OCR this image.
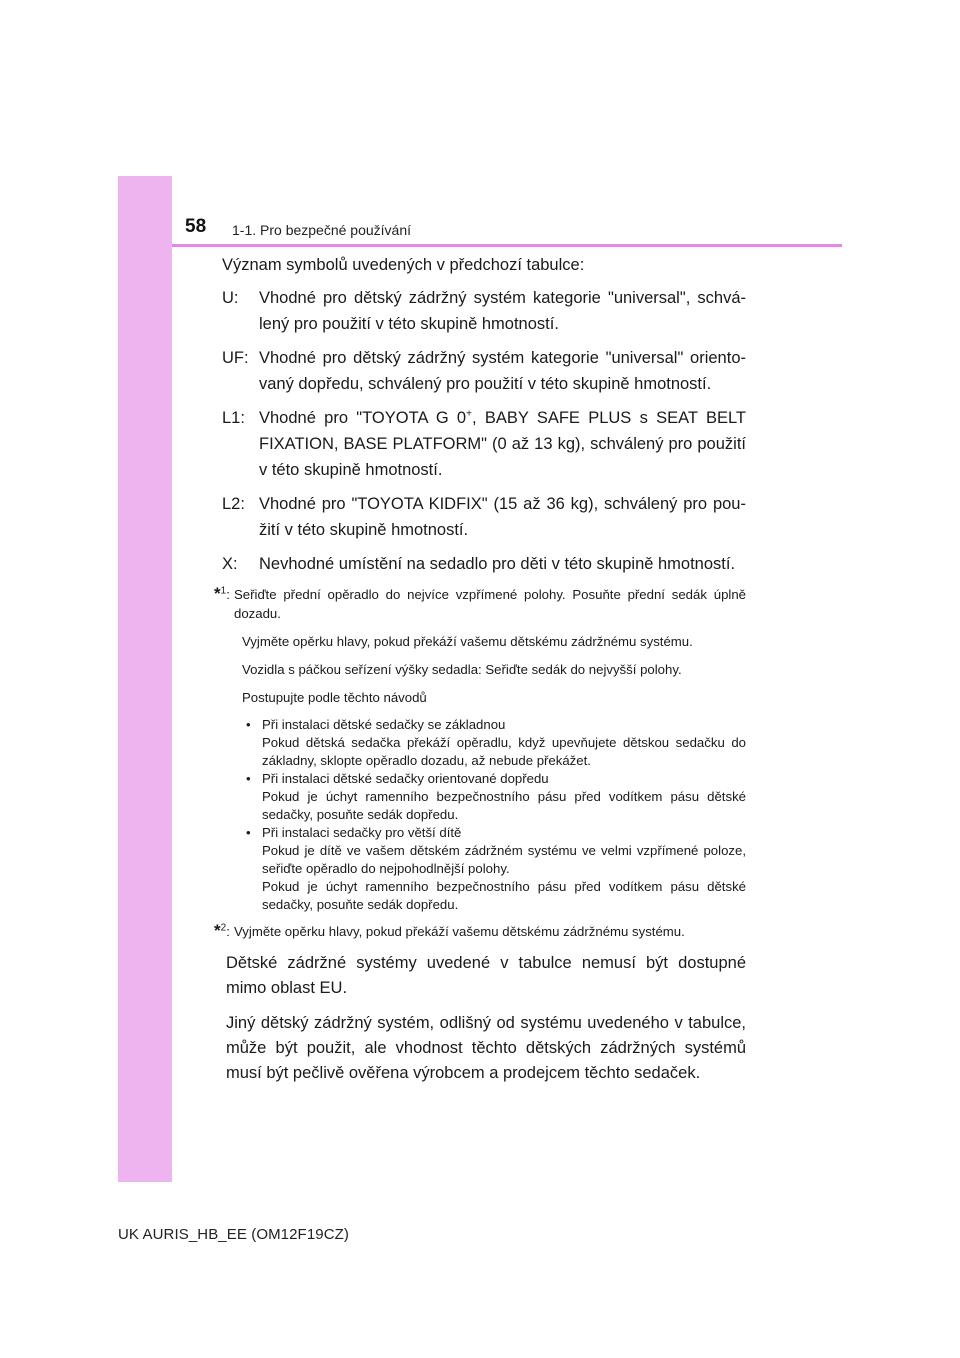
58 1-1. Pro bezpečné používání

Význam symbolů uvedených v předchozí tabulce:

U:	Vhodné pro dětský zádržný systém kategorie "universal", schválený pro použití v této skupině hmotností.
UF: Vhodné pro dětský zádržný systém kategorie "universal" orientovaný dopředu, schválený pro použití v této skupině hmotností.
L1: Vhodné pro "TOYOTA G 0+, BABY SAFE PLUS s SEAT BELT FIXATION, BASE PLATFORM" (0 až 13 kg), schválený pro použití v této skupině hmotností.
L2: Vhodné pro "TOYOTA KIDFIX" (15 až 36 kg), schválený pro použití v této skupině hmotností.
X:	Nevhodné umístění na sedadlo pro děti v této skupině hmotností.
*$^1$: Seřiďte přední opěradlo do nejvíce vzpřímené polohy. Posuňte přední sedák úplně dozadu.
Vyjměte opěrku hlavy, pokud překáží vašemu dětskému zádržnému systému.
Vozidla s páčkou seřízení výšky sedadla: Seřiďte sedák do nejvyšší polohy.
Postupujte podle těchto návodů
• Při instalaci dětské sedačky se základnou
Pokud dětská sedačka překáží opěradlu, když upevňujete dětskou sedačku do základny, sklopte opěradlo dozadu, až nebude překážet.
• Při instalaci dětské sedačky orientované dopředu
Pokud je úchyt ramenního bezpečnostního pásu před vodítkem pásu dětské sedačky, posuňte sedák dopředu.
• Při instalaci sedačky pro větší dítě
Pokud je dítě ve vašem dětském zádržném systému ve velmi vzpřímené poloze, seřiďte opěradlo do nejpohodlnější polohy.
Pokud je úchyt ramenního bezpečnostního pásu před vodítkem pásu dětské sedačky, posuňte sedák dopředu.
*$^2$: Vyjměte opěrku hlavy, pokud překáží vašemu dětskému zádržnému systému.

Dětské zádržné systémy uvedené v tabulce nemusí být dostupné mimo oblast EU.

Jiný dětský zádržný systém, odlišný od systému uvedeného v tabulce, může být použit, ale vhodnost těchto dětských zádržných systémů musí být pečlivě ověřena výrobcem a prodejcem těchto sedaček.

UK AURIS_HB_EE (OM12F19CZ)
